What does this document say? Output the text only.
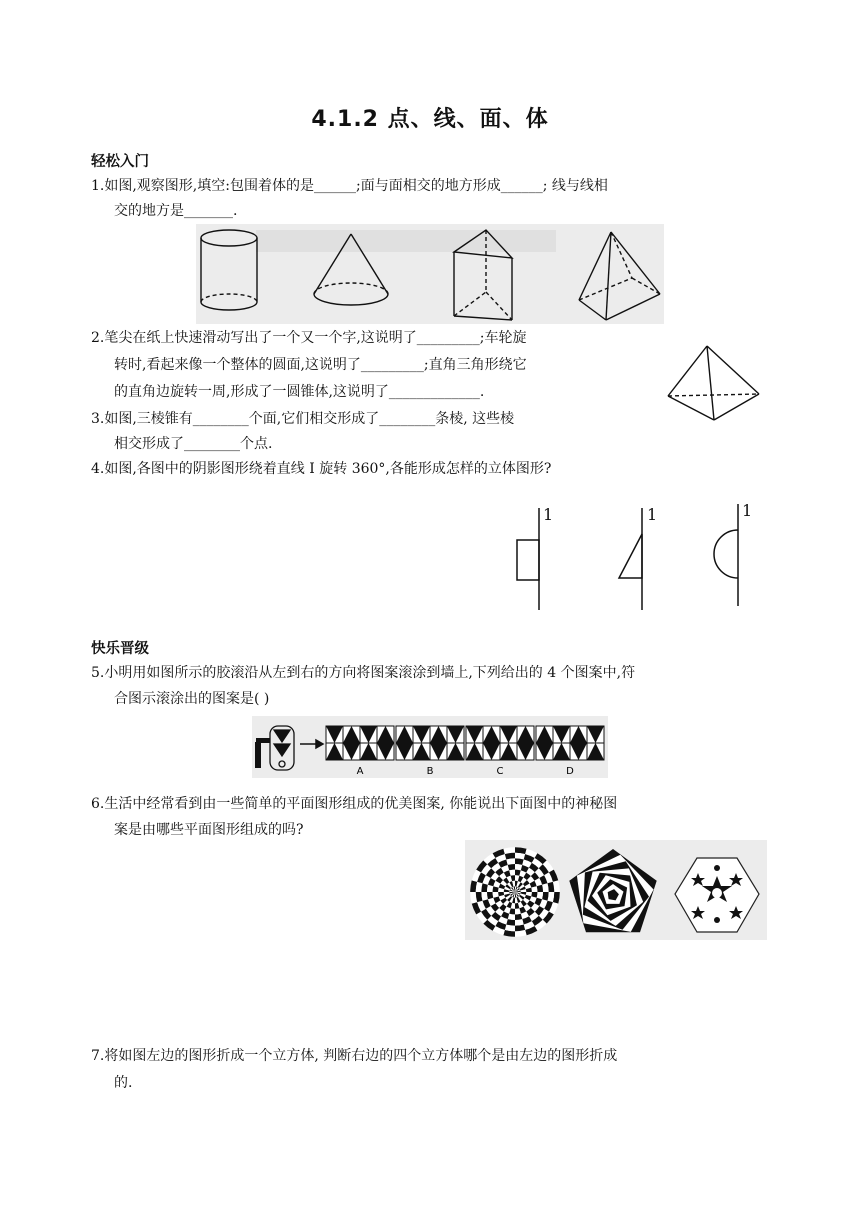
4.1.2 点、线、面、体
轻松入门
1.如图,观察图形,填空:包围着体的是______;面与面相交的地方形成______; 线与线相
交的地方是_______.
2.笔尖在纸上快速滑动写出了一个又一个字,这说明了_________;车轮旋
转时,看起来像一个整体的圆面,这说明了_________;直角三角形绕它
的直角边旋转一周,形成了一圆锥体,这说明了_____________.
3.如图,三棱锥有________个面,它们相交形成了________条棱, 这些棱
相交形成了________个点.
4.如图,各图中的阴影图形绕着直线 I 旋转 360°,各能形成怎样的立体图形?
1	1	1
快乐晋级
5.小明用如图所示的胶滚沿从左到右的方向将图案滚涂到墙上,下列给出的 4 个图案中,符
合图示滚涂出的图案是( )
A	B	C	D
6.生活中经常看到由一些简单的平面图形组成的优美图案, 你能说出下面图中的神秘图
案是由哪些平面图形组成的吗?
7.将如图左边的图形折成一个立方体, 判断右边的四个立方体哪个是由左边的图形折成
的.
